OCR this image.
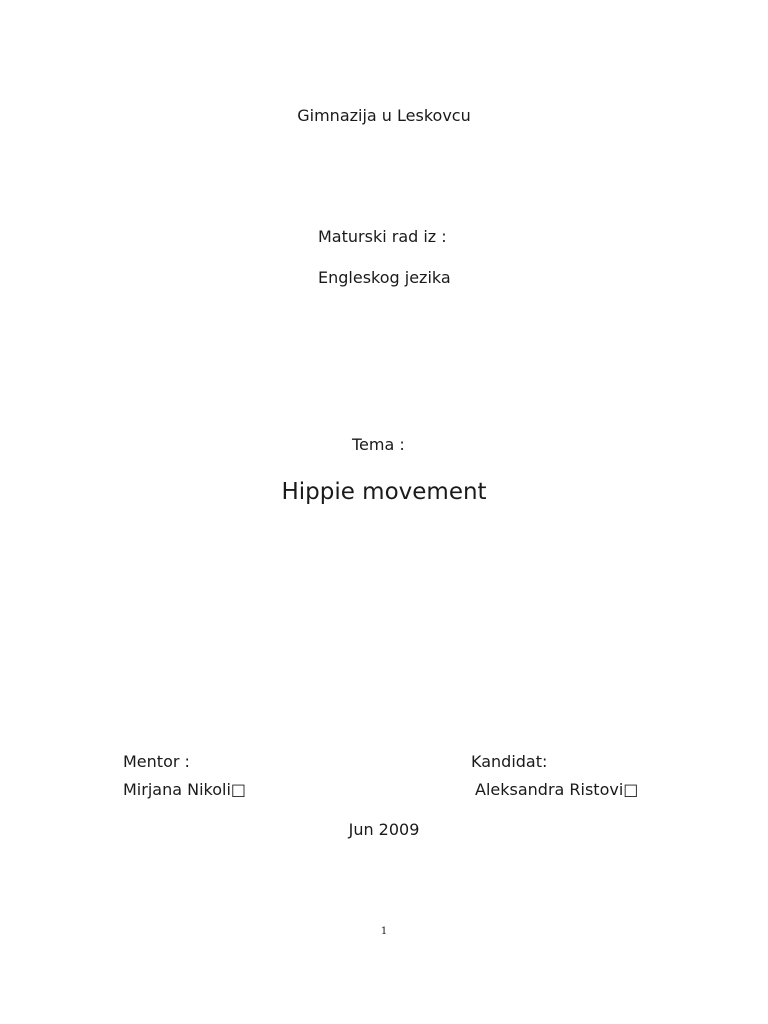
Gimnazija u Leskovcu
Maturski rad iz :
Engleskog jezika
Tema :
Hippie movement
Mentor :	Kandidat:
Mirjana Nikoli□	Aleksandra Ristovi□
Jun 2009
1
